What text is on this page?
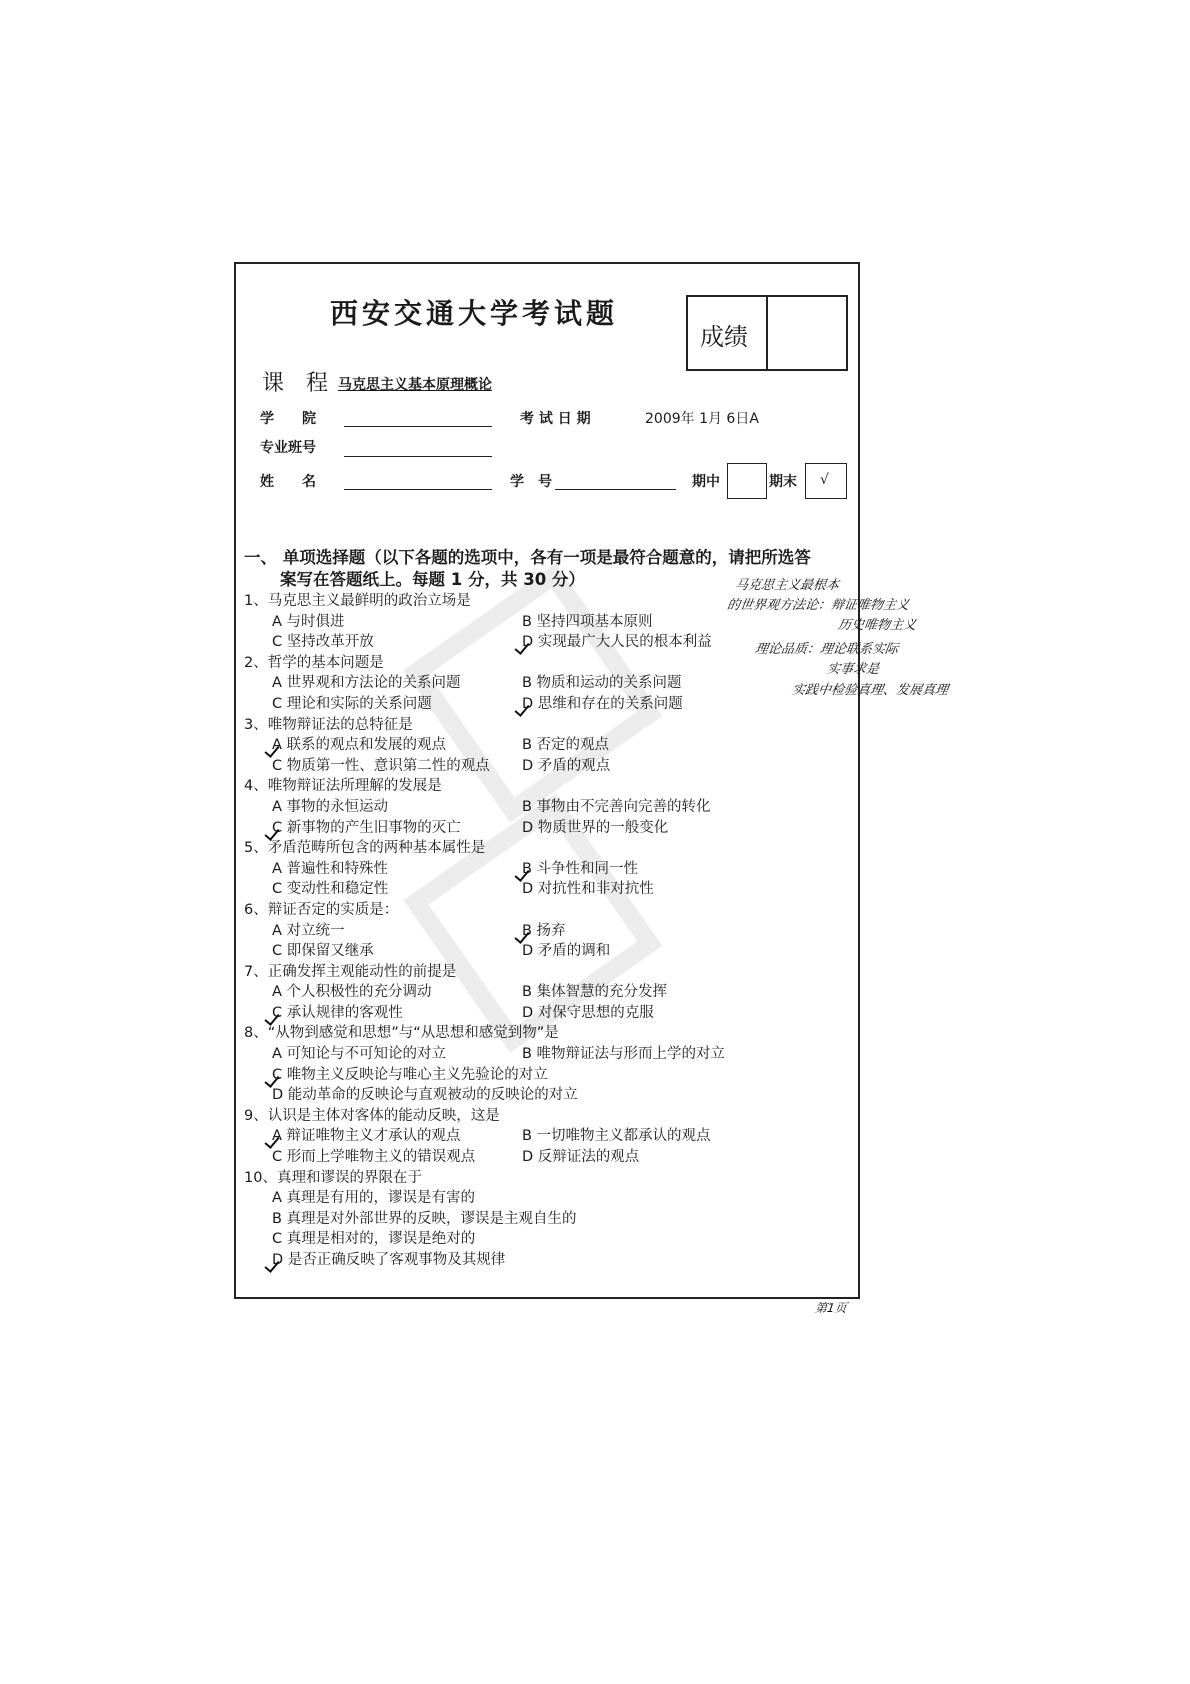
西安交通大学考试题
成绩
课　程 马克思主义基本原理概论
学　　院	考 试 日 期	2009年 1月 6日A
专业班号
姓　　名	学　号	期中	期末 √
一、 单项选择题（以下各题的选项中，各有一项是最符合题意的，请把所选答
案写在答题纸上。每题 1 分，共 30 分）
1、马克思主义最鲜明的政治立场是
A 与时俱进	B 坚持四项基本原则
C 坚持改革开放	D 实现最广大人民的根本利益
2、哲学的基本问题是
A 世界观和方法论的关系问题	B 物质和运动的关系问题
C 理论和实际的关系问题	D 思维和存在的关系问题
3、唯物辩证法的总特征是
A 联系的观点和发展的观点	B 否定的观点
C 物质第一性、意识第二性的观点 D 矛盾的观点
4、唯物辩证法所理解的发展是
A 事物的永恒运动	B 事物由不完善向完善的转化
C 新事物的产生旧事物的灭亡	D 物质世界的一般变化
5、矛盾范畴所包含的两种基本属性是
A 普遍性和特殊性	B 斗争性和同一性
C 变动性和稳定性	D 对抗性和非对抗性
6、辩证否定的实质是：
A 对立统一	B 扬弃
C 即保留又继承	D 矛盾的调和
7、正确发挥主观能动性的前提是
A 个人积极性的充分调动	B 集体智慧的充分发挥
C 承认规律的客观性	D 对保守思想的克服
8、“从物到感觉和思想”与“从思想和感觉到物”是
A 可知论与不可知论的对立	B 唯物辩证法与形而上学的对立
C 唯物主义反映论与唯心主义先验论的对立
D 能动革命的反映论与直观被动的反映论的对立
9、认识是主体对客体的能动反映，这是
A 辩证唯物主义才承认的观点	B 一切唯物主义都承认的观点
C 形而上学唯物主义的错误观点	D 反辩证法的观点
10、真理和谬误的界限在于
A 真理是有用的，谬误是有害的
B 真理是对外部世界的反映，谬误是主观自生的
C 真理是相对的，谬误是绝对的
D 是否正确反映了客观事物及其规律
马克思主义最根本
的世界观方法论：辩证唯物主义
历史唯物主义
理论品质：理论联系实际
实事求是
实践中检验真理、发展真理
第1页
